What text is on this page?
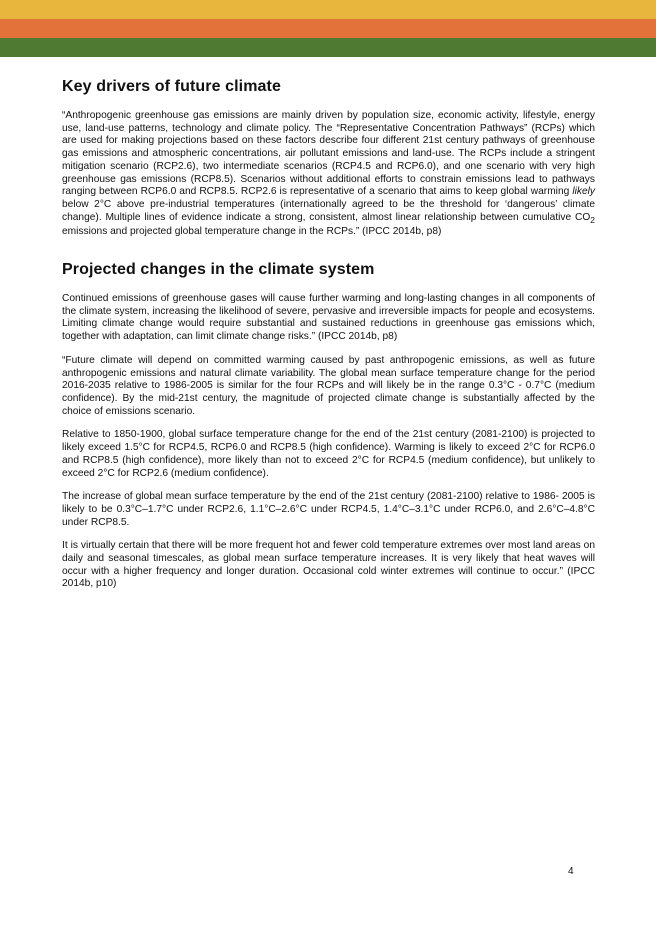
Key drivers of future climate

“Anthropogenic greenhouse gas emissions are mainly driven by population size, economic activity, lifestyle, energy use, land-use patterns, technology and climate policy. The “Representative Concentration Pathways” (RCPs) which are used for making projections based on these factors describe four different 21st century pathways of greenhouse gas emissions and atmospheric concentrations, air pollutant emissions and land-use. The RCPs include a stringent mitigation scenario (RCP2.6), two intermediate scenarios (RCP4.5 and RCP6.0), and one scenario with very high greenhouse gas emissions (RCP8.5). Scenarios without additional efforts to constrain emissions lead to pathways ranging between RCP6.0 and RCP8.5. RCP2.6 is representative of a scenario that aims to keep global warming likely below 2°C above pre-industrial temperatures (internationally agreed to be the threshold for ‘dangerous’ climate change). Multiple lines of evidence indicate a strong, consistent, almost linear relationship between cumulative $CO_2$ emissions and projected global temperature change in the RCPs.” (IPCC 2014b, p8)

Projected changes in the climate system

Continued emissions of greenhouse gases will cause further warming and long-lasting changes in all components of the climate system, increasing the likelihood of severe, pervasive and irreversible impacts for people and ecosystems. Limiting climate change would require substantial and sustained reductions in greenhouse gas emissions which, together with adaptation, can limit climate change risks.” (IPCC 2014b, p8)

“Future climate will depend on committed warming caused by past anthropogenic emissions, as well as future anthropogenic emissions and natural climate variability. The global mean surface temperature change for the period 2016-2035 relative to 1986-2005 is similar for the four RCPs and will likely be in the range 0.3°C - 0.7°C (medium confidence). By the mid-21st century, the magnitude of projected climate change is substantially affected by the choice of emissions scenario.

Relative to 1850-1900, global surface temperature change for the end of the 21st century (2081-2100) is projected to likely exceed 1.5°C for RCP4.5, RCP6.0 and RCP8.5 (high confidence). Warming is likely to exceed 2°C for RCP6.0 and RCP8.5 (high confidence), more likely than not to exceed 2°C for RCP4.5 (medium confidence), but unlikely to exceed 2°C for RCP2.6 (medium confidence).

The increase of global mean surface temperature by the end of the 21st century (2081-2100) relative to 1986- 2005 is likely to be 0.3°C–1.7°C under RCP2.6, 1.1°C–2.6°C under RCP4.5, 1.4°C–3.1°C under RCP6.0, and 2.6°C–4.8°C under RCP8.5.

It is virtually certain that there will be more frequent hot and fewer cold temperature extremes over most land areas on daily and seasonal timescales, as global mean surface temperature increases. It is very likely that heat waves will occur with a higher frequency and longer duration. Occasional cold winter extremes will continue to occur.” (IPCC 2014b, p10)

4
